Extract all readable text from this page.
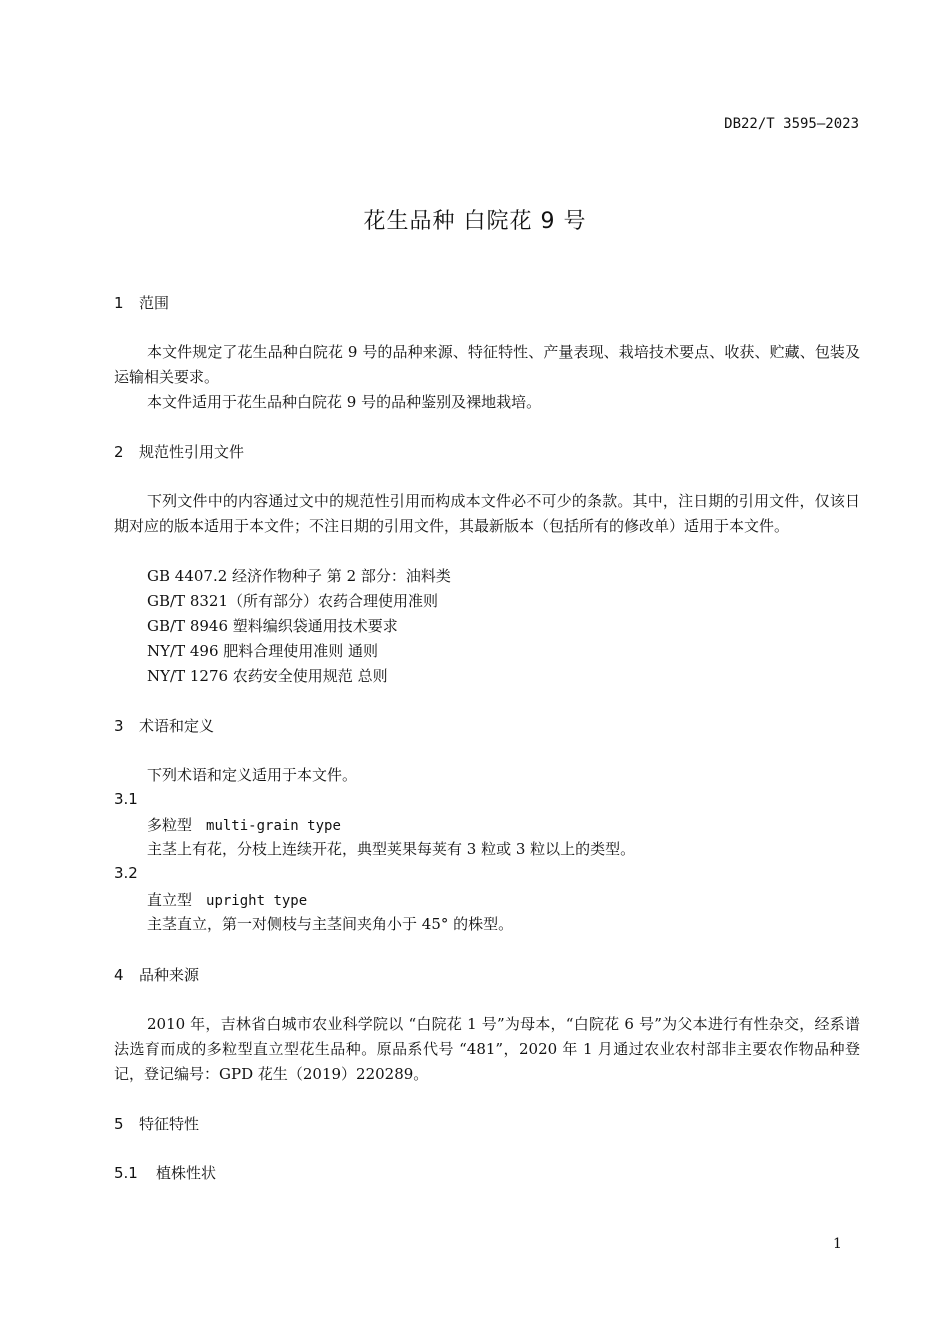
DB22/T 3595—2023
花生品种 白院花 9 号
1 范围
本文件规定了花生品种白院花 9 号的品种来源、特征特性、产量表现、栽培技术要点、收获、贮藏、包装及运输相关要求。
本文件适用于花生品种白院花 9 号的品种鉴别及裸地栽培。
2 规范性引用文件
下列文件中的内容通过文中的规范性引用而构成本文件必不可少的条款。其中，注日期的引用文件，仅该日期对应的版本适用于本文件；不注日期的引用文件，其最新版本（包括所有的修改单）适用于本文件。
GB 4407.2 经济作物种子 第 2 部分：油料类
GB/T 8321（所有部分）农药合理使用准则
GB/T 8946 塑料编织袋通用技术要求
NY/T 496 肥料合理使用准则 通则
NY/T 1276 农药安全使用规范 总则
3 术语和定义
下列术语和定义适用于本文件。
3.1
多粒型 multi-grain type
主茎上有花，分枝上连续开花，典型荚果每荚有 3 粒或 3 粒以上的类型。
3.2
直立型 upright type
主茎直立，第一对侧枝与主茎间夹角小于 45° 的株型。
4 品种来源
2010 年，吉林省白城市农业科学院以 “白院花 1 号”为母本，“白院花 6 号”为父本进行有性杂交，经系谱法选育而成的多粒型直立型花生品种。原品系代号 “481”，2020 年 1 月通过农业农村部非主要农作物品种登记，登记编号：GPD 花生（2019）220289。
5 特征特性
5.1 植株性状
1
